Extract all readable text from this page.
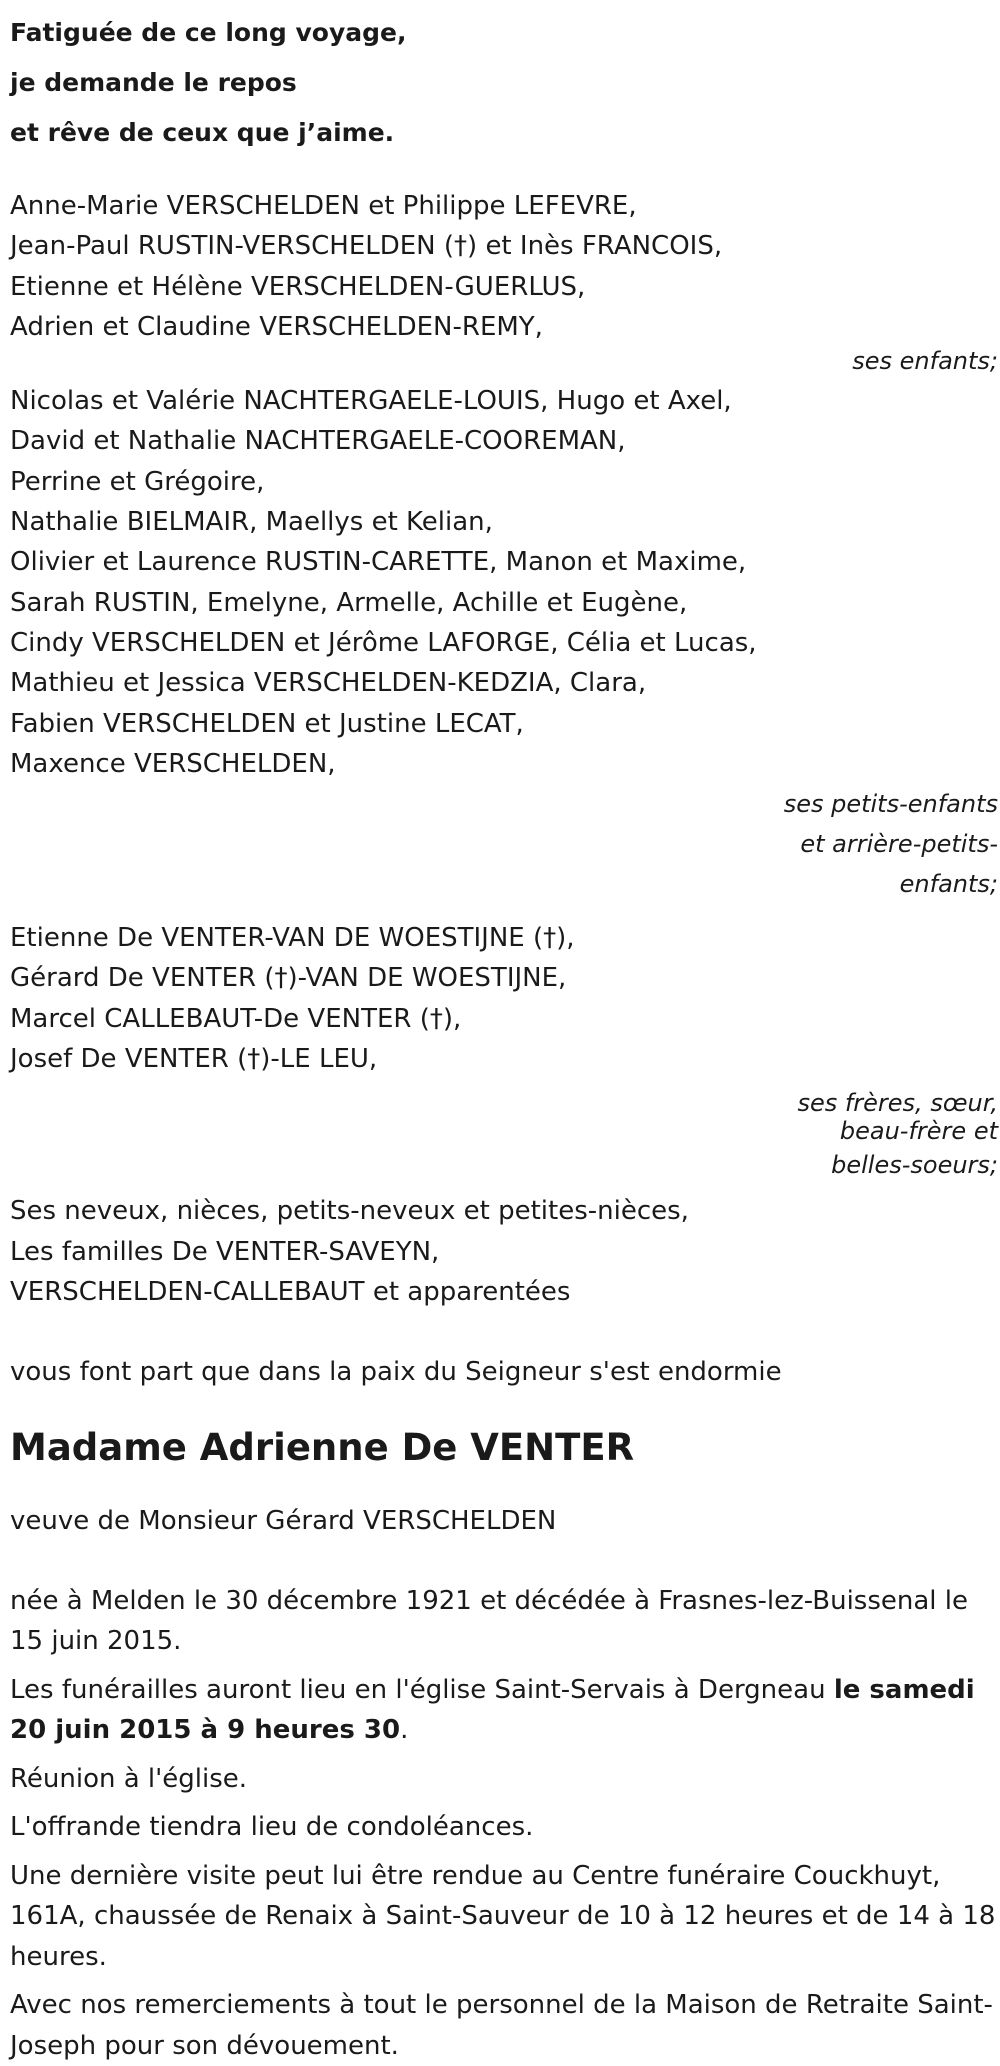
Fatiguée de ce long voyage,

je demande le repos

et rêve de ceux que j’aime.

Anne-Marie VERSCHELDEN et Philippe LEFEVRE,

Jean-Paul RUSTIN-VERSCHELDEN (†) et Inès FRANCOIS,

Etienne et Hélène VERSCHELDEN-GUERLUS,

Adrien et Claudine VERSCHELDEN-REMY,

ses enfants;

Nicolas et Valérie NACHTERGAELE-LOUIS, Hugo et Axel,

David et Nathalie NACHTERGAELE-COOREMAN,

Perrine et Grégoire,

Nathalie BIELMAIR, Maellys et Kelian,

Olivier et Laurence RUSTIN-CARETTE, Manon et Maxime,

Sarah RUSTIN, Emelyne, Armelle, Achille et Eugène,

Cindy VERSCHELDEN et Jérôme LAFORGE, Célia et Lucas,

Mathieu et Jessica VERSCHELDEN-KEDZIA, Clara,

Fabien VERSCHELDEN et Justine LECAT,

Maxence VERSCHELDEN,

ses petits-enfants

et arrière-petits-

enfants;

Etienne De VENTER-VAN DE WOESTIJNE (†),

Gérard De VENTER (†)-VAN DE WOESTIJNE,

Marcel CALLEBAUT-De VENTER (†),

Josef De VENTER (†)-LE LEU,

ses frères, sœur,

beau-frère et

belles-soeurs;

Ses neveux, nièces, petits-neveux et petites-nièces,

Les familles De VENTER-SAVEYN,

VERSCHELDEN-CALLEBAUT et apparentées

vous font part que dans la paix du Seigneur s'est endormie

Madame Adrienne De VENTER

veuve de Monsieur Gérard VERSCHELDEN

née à Melden le 30 décembre 1921 et décédée à Frasnes-lez-Buissenal le 15 juin 2015.

Les funérailles auront lieu en l'église Saint-Servais à Dergneau le samedi 20 juin 2015 à 9 heures 30.

Réunion à l'église.

L'offrande tiendra lieu de condoléances.

Une dernière visite peut lui être rendue au Centre funéraire Couckhuyt, 161A, chaussée de Renaix à Saint-Sauveur de 10 à 12 heures et de 14 à 18 heures.

Avec nos remerciements à tout le personnel de la Maison de Retraite Saint-Joseph pour son dévouement.
